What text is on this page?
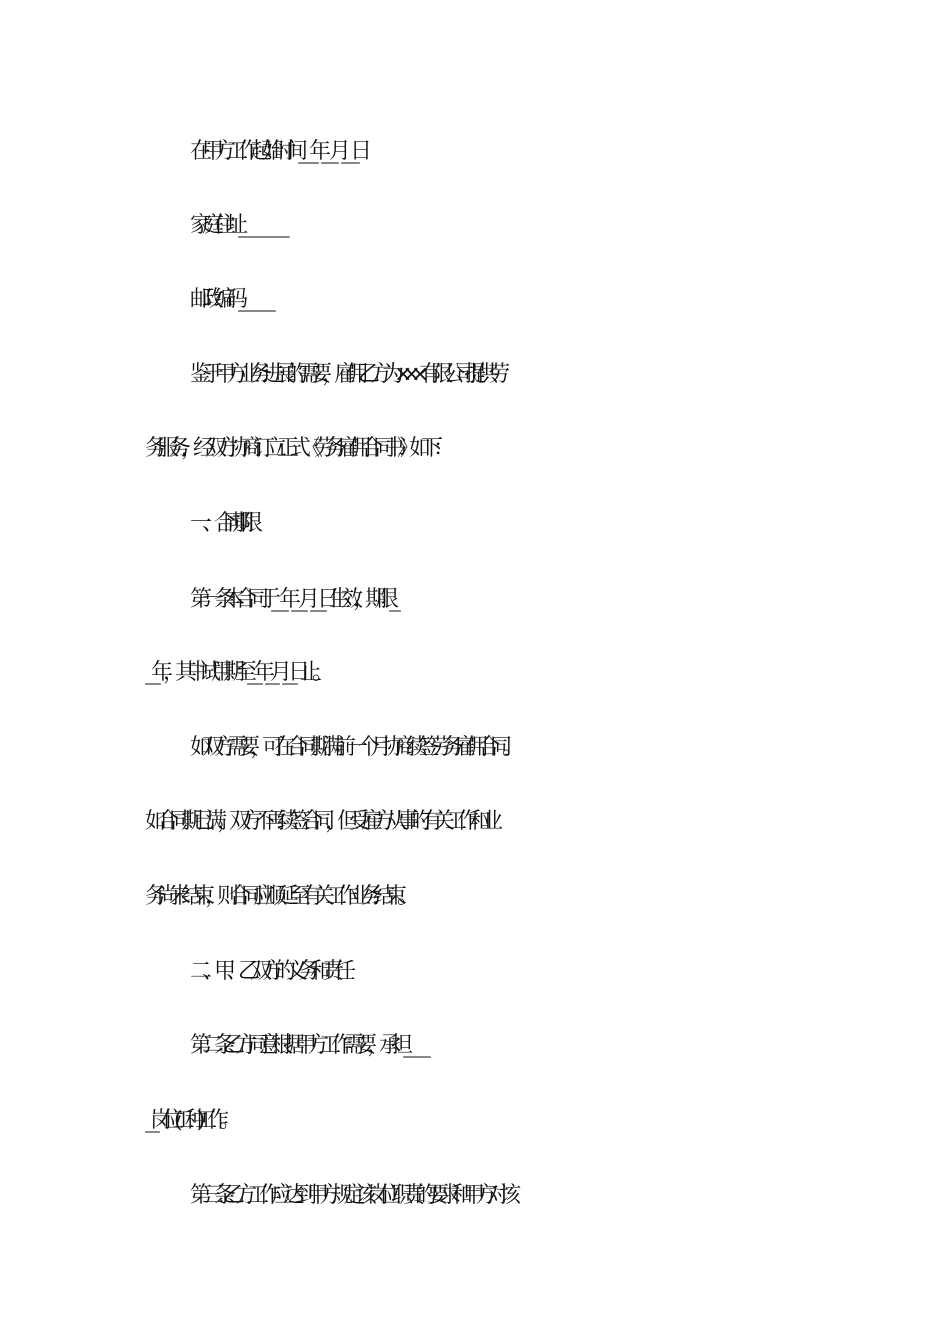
在甲方工作起始时间___________年________月_________日
家庭住址__________________________________________
邮政编码____________________________
鉴于甲方业务进展的需要，雇佣乙方为×××有限公司 提供劳
务服务，经双方协商订立正式《劳务雇佣合同书》如下：
一、合 同 期 限
第一条 本合同于________年_______月_______日生效，期限__
______年，其中试用期至______年_____月______日止。
如双方需要，可在合同期满前一个月协商续签劳务雇佣合同。
如合同期已满，双方不再续签合同，但受雇方从事的有关工作和业
务尚未结束，则合同应顺延至有关工作业务结束。
二、甲、乙双方的义务和责任
第二条 乙方同意根据甲方工作需要，承担__________________
_____岗位(工种)工作。
第三条 乙方工作应达到甲方规定该岗位职责的要求和甲方对该
